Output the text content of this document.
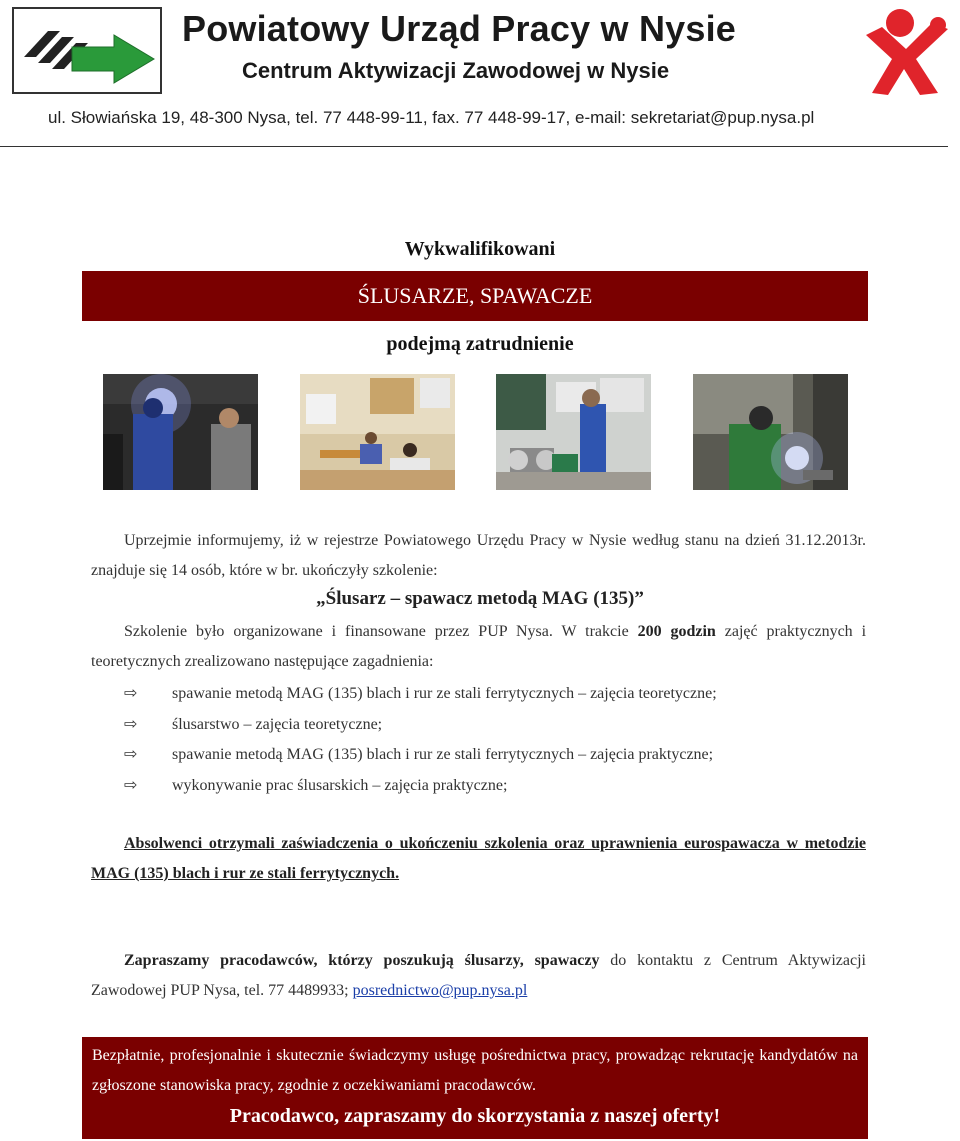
Powiatowy Urząd Pracy w Nysie
Centrum Aktywizacji Zawodowej w Nysie
ul. Słowiańska 19, 48-300 Nysa, tel. 77 448-99-11, fax. 77 448-99-17, e-mail: sekretariat@pup.nysa.pl
Wykwalifikowani
ŚLUSARZE, SPAWACZE
podejmą zatrudnienie
Uprzejmie informujemy, iż w rejestrze Powiatowego Urzędu Pracy w Nysie według stanu na dzień 31.12.2013r. znajduje się 14 osób, które w br. ukończyły szkolenie:
„Ślusarz – spawacz metodą MAG (135)”
Szkolenie było organizowane i finansowane przez PUP Nysa. W trakcie 200 godzin zajęć praktycznych i teoretycznych zrealizowano następujące zagadnienia:
⇨ spawanie metodą MAG (135) blach i rur ze stali ferrytycznych – zajęcia teoretyczne;
⇨ ślusarstwo – zajęcia teoretyczne;
⇨ spawanie metodą MAG (135) blach i rur ze stali ferrytycznych – zajęcia praktyczne;
⇨ wykonywanie prac ślusarskich – zajęcia praktyczne;
Absolwenci otrzymali zaświadczenia o ukończeniu szkolenia oraz uprawnienia eurospawacza w metodzie MAG (135) blach i rur ze stali ferrytycznych.
Zapraszamy pracodawców, którzy poszukują ślusarzy, spawaczy do kontaktu z Centrum Aktywizacji Zawodowej PUP Nysa, tel. 77 4489933; posrednictwo@pup.nysa.pl
Bezpłatnie, profesjonalnie i skutecznie świadczymy usługę pośrednictwa pracy, prowadząc rekrutację kandydatów na zgłoszone stanowiska pracy, zgodnie z oczekiwaniami pracodawców.
Pracodawco, zapraszamy do skorzystania z naszej oferty!
